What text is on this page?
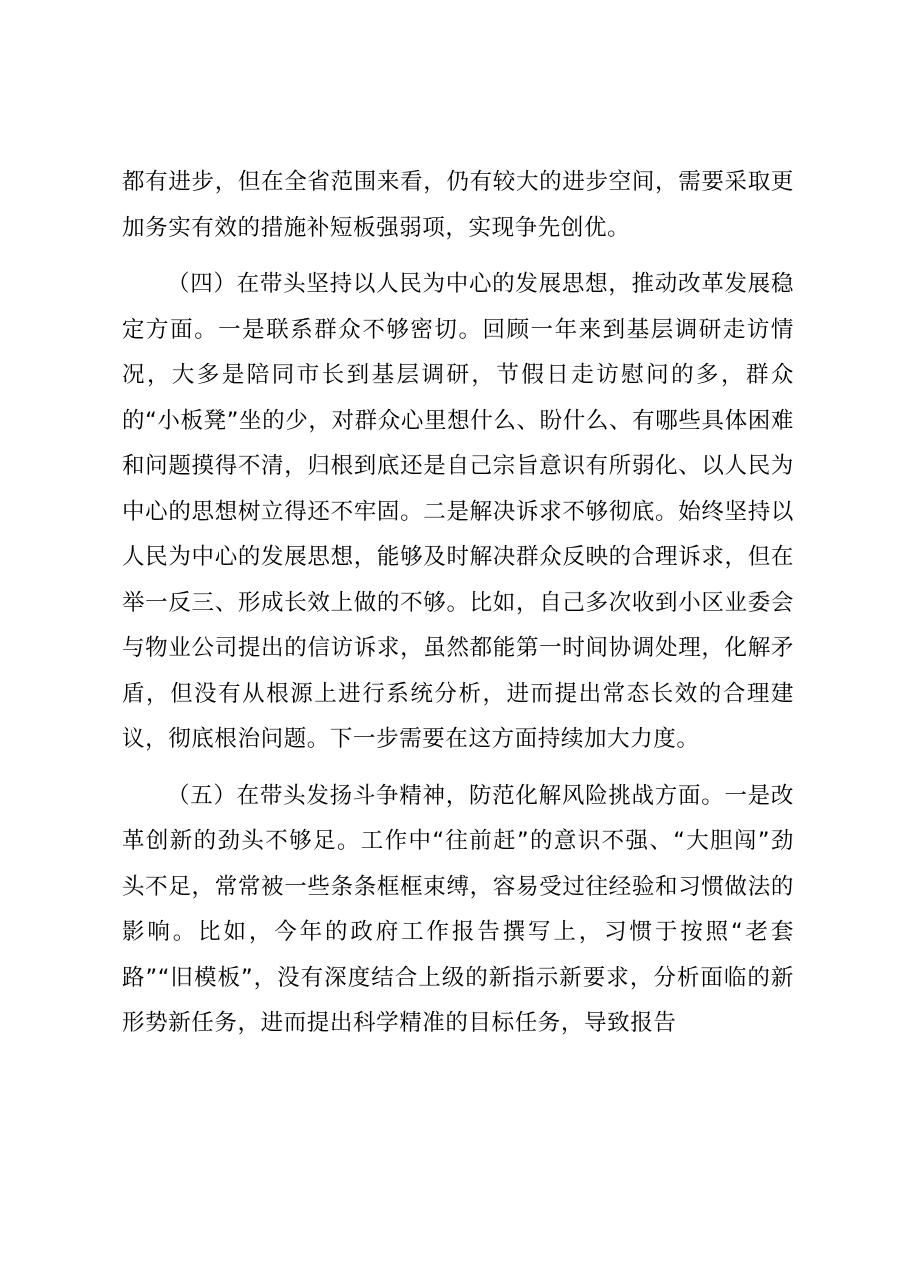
都有进步，但在全省范围来看，仍有较大的进步空间，需要采取更加务实有效的措施补短板强弱项，实现争先创优。

（四）在带头坚持以人民为中心的发展思想，推动改革发展稳定方面。一是联系群众不够密切。回顾一年来到基层调研走访情况，大多是陪同市长到基层调研，节假日走访慰问的多，群众的“小板凳”坐的少，对群众心里想什么、盼什么、有哪些具体困难和问题摸得不清，归根到底还是自己宗旨意识有所弱化、以人民为中心的思想树立得还不牢固。二是解决诉求不够彻底。始终坚持以人民为中心的发展思想，能够及时解决群众反映的合理诉求，但在举一反三、形成长效上做的不够。比如，自己多次收到小区业委会与物业公司提出的信访诉求，虽然都能第一时间协调处理，化解矛盾，但没有从根源上进行系统分析，进而提出常态长效的合理建议，彻底根治问题。下一步需要在这方面持续加大力度。

（五）在带头发扬斗争精神，防范化解风险挑战方面。一是改革创新的劲头不够足。工作中“往前赶”的意识不强、“大胆闯”劲头不足，常常被一些条条框框束缚，容易受过往经验和习惯做法的影响。比如，今年的政府工作报告撰写上，习惯于按照“老套路”“旧模板”，没有深度结合上级的新指示新要求，分析面临的新形势新任务，进而提出科学精准的目标任务，导致报告
